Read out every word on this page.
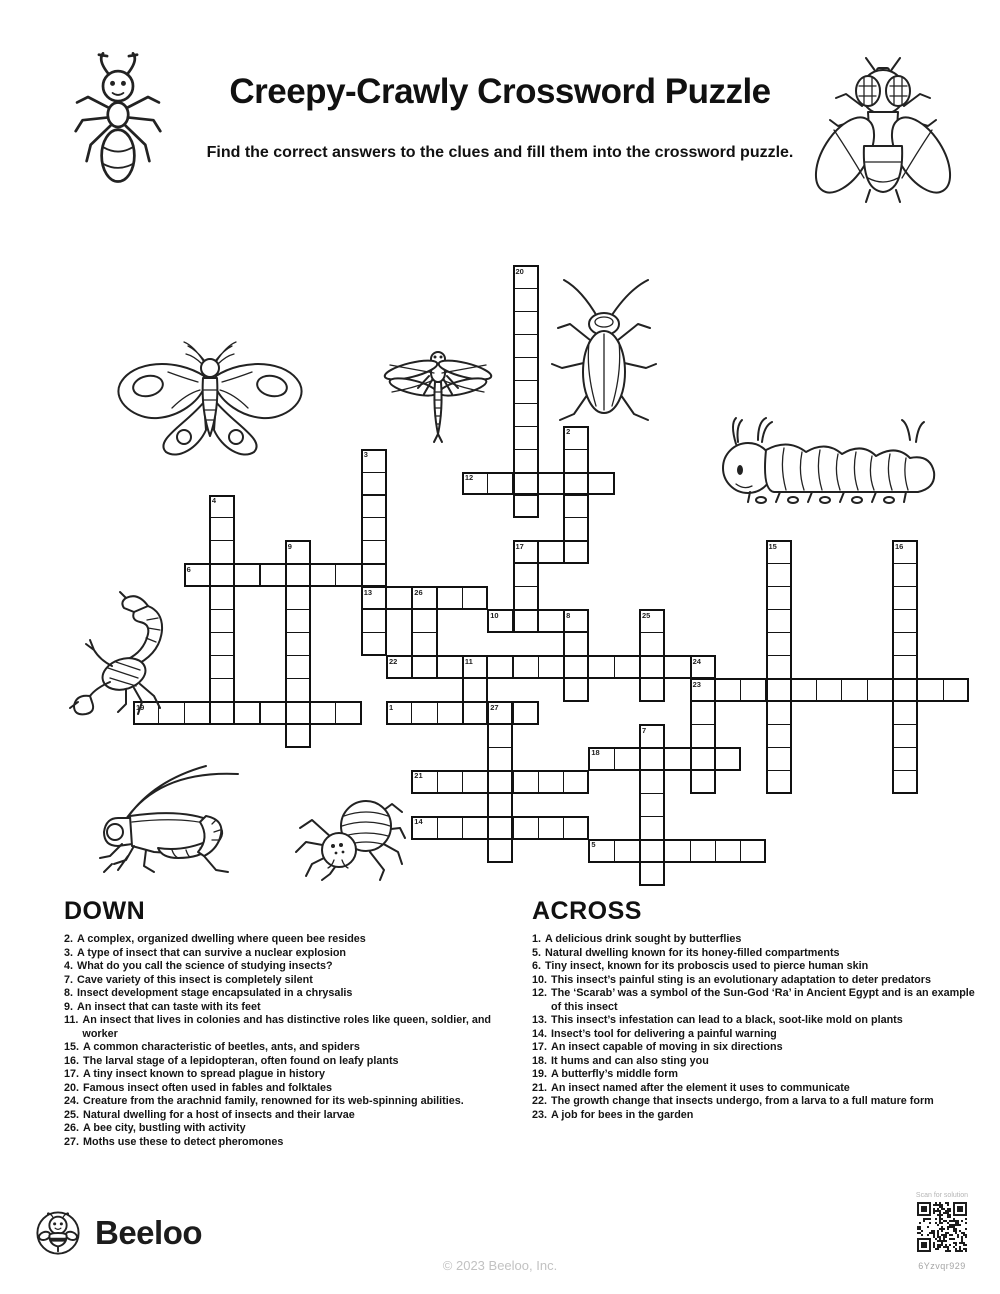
Creepy-Crawly Crossword Puzzle
Find the correct answers to the clues and fill them into the crossword puzzle.
20
2
3
12
4
9	17	15	16
6
13	26
10	8	25
22	11	24
23
19	1	27
7
18
21
14
5
DOWN
2. A complex, organized dwelling where queen bee resides
3. A type of insect that can survive a nuclear explosion
4. What do you call the science of studying insects?
7. Cave variety of this insect is completely silent
8. Insect development stage encapsulated in a chrysalis
9. An insect that can taste with its feet
11. An insect that lives in colonies and has distinctive roles like queen, soldier, and worker
15. A common characteristic of beetles, ants, and spiders
16. The larval stage of a lepidopteran, often found on leafy plants
17. A tiny insect known to spread plague in history
20. Famous insect often used in fables and folktales
24. Creature from the arachnid family, renowned for its web-spinning abilities.
25. Natural dwelling for a host of insects and their larvae
26. A bee city, bustling with activity
27. Moths use these to detect pheromones
ACROSS
1. A delicious drink sought by butterflies
5. Natural dwelling known for its honey-filled compartments
6. Tiny insect, known for its proboscis used to pierce human skin
10. This insect’s painful sting is an evolutionary adaptation to deter predators
12. The ‘Scarab’ was a symbol of the Sun-God ‘Ra’ in Ancient Egypt and is an example of this insect
13. This insect’s infestation can lead to a black, soot-like mold on plants
14. Insect’s tool for delivering a painful warning
17. An insect capable of moving in six directions
18. It hums and can also sting you
19. A butterfly’s middle form
21. An insect named after the element it uses to communicate
22. The growth change that insects undergo, from a larva to a full mature form
23. A job for bees in the garden
Beeloo
© 2023 Beeloo, Inc.
Scan for solution
6Yzvqr929
